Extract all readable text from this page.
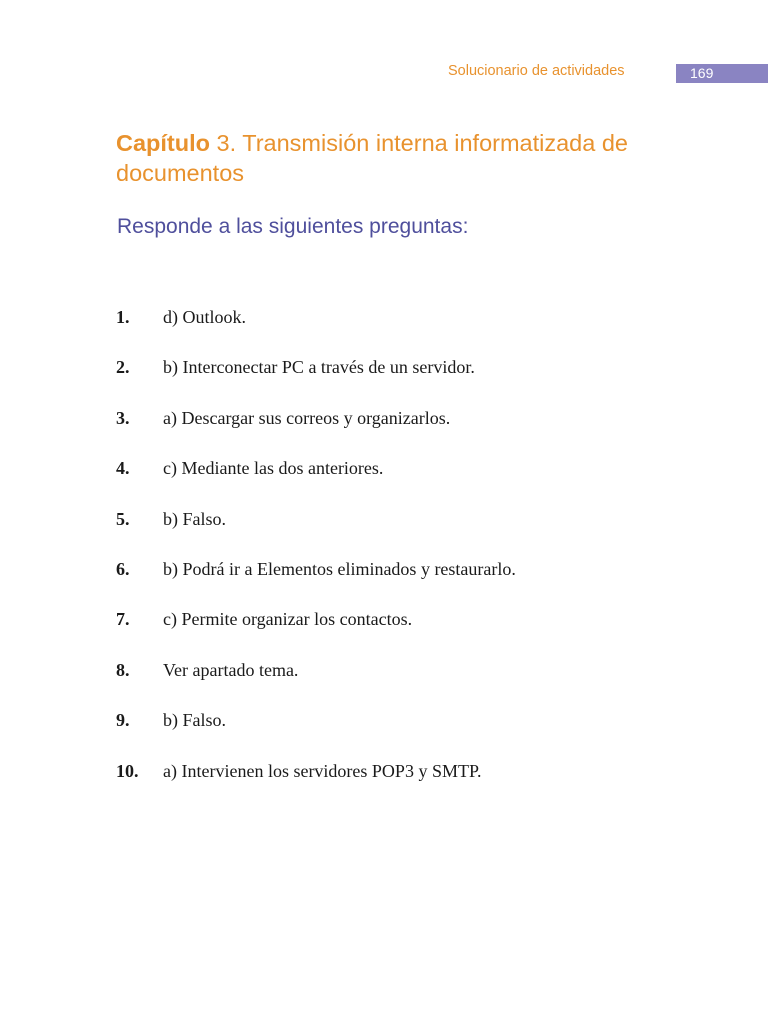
Solucionario de actividades	169
Capítulo 3. Transmisión interna informatizada de documentos
Responde a las siguientes preguntas:
1.	d) Outlook.
2.	b) Interconectar PC a través de un servidor.
3.	a) Descargar sus correos y organizarlos.
4.	c) Mediante las dos anteriores.
5.	b) Falso.
6.	b) Podrá ir a Elementos eliminados y restaurarlo.
7.	c) Permite organizar los contactos.
8.	Ver apartado tema.
9.	b) Falso.
10.	a) Intervienen los servidores POP3 y SMTP.
